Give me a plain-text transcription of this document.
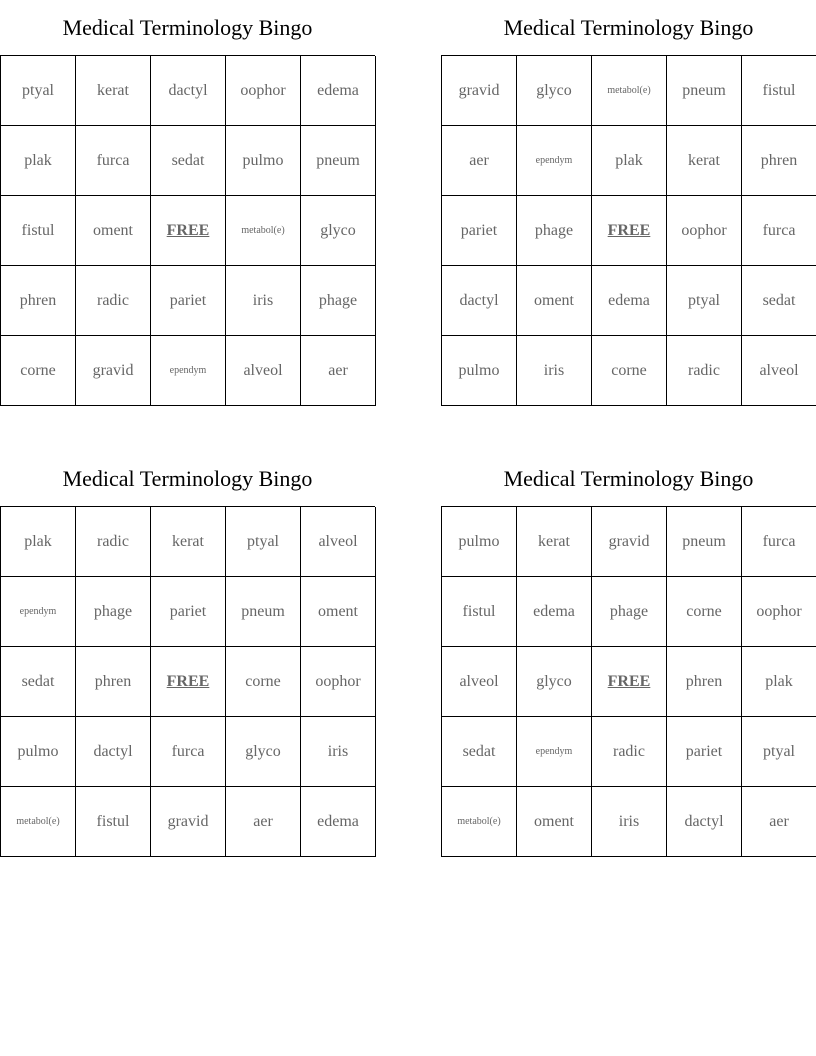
Medical Terminology Bingo
ptyal	kerat	dactyl	oophor	edema
plak	furca	sedat	pulmo	pneum
fistul	oment	FREE	metabol(e)	glyco
phren	radic	pariet	iris	phage
corne	gravid	ependym	alveol	aer
Medical Terminology Bingo
gravid	glyco	metabol(e)	pneum	fistul
aer	ependym	plak	kerat	phren
pariet	phage	FREE	oophor	furca
dactyl	oment	edema	ptyal	sedat
pulmo	iris	corne	radic	alveol
Medical Terminology Bingo
plak	radic	kerat	ptyal	alveol
ependym	phage	pariet	pneum	oment
sedat	phren	FREE	corne	oophor
pulmo	dactyl	furca	glyco	iris
metabol(e)	fistul	gravid	aer	edema
Medical Terminology Bingo
pulmo	kerat	gravid	pneum	furca
fistul	edema	phage	corne	oophor
alveol	glyco	FREE	phren	plak
sedat	ependym	radic	pariet	ptyal
metabol(e)	oment	iris	dactyl	aer
